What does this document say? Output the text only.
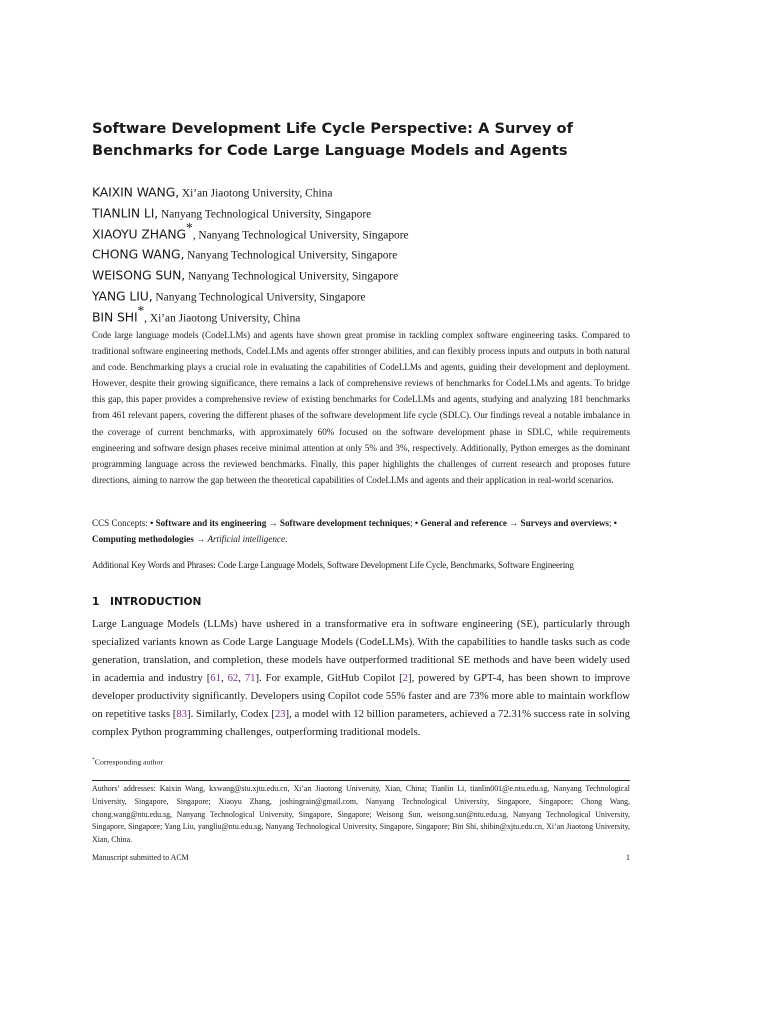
Software Development Life Cycle Perspective: A Survey of Benchmarks for Code Large Language Models and Agents
KAIXIN WANG, Xi’an Jiaotong University, China
TIANLIN LI, Nanyang Technological University, Singapore
XIAOYU ZHANG*, Nanyang Technological University, Singapore
CHONG WANG, Nanyang Technological University, Singapore
WEISONG SUN, Nanyang Technological University, Singapore
YANG LIU, Nanyang Technological University, Singapore
BIN SHI*, Xi’an Jiaotong University, China

Code large language models (CodeLLMs) and agents have shown great promise in tackling complex software engineering tasks. Compared to traditional software engineering methods, CodeLLMs and agents offer stronger abilities, and can flexibly process inputs and outputs in both natural and code. Benchmarking plays a crucial role in evaluating the capabilities of CodeLLMs and agents, guiding their development and deployment. However, despite their growing significance, there remains a lack of comprehensive reviews of benchmarks for CodeLLMs and agents. To bridge this gap, this paper provides a comprehensive review of existing benchmarks for CodeLLMs and agents, studying and analyzing 181 benchmarks from 461 relevant papers, covering the different phases of the software development life cycle (SDLC). Our findings reveal a notable imbalance in the coverage of current benchmarks, with approximately 60% focused on the software development phase in SDLC, while requirements engineering and software design phases receive minimal attention at only 5% and 3%, respectively. Additionally, Python emerges as the dominant programming language across the reviewed benchmarks. Finally, this paper highlights the challenges of current research and proposes future directions, aiming to narrow the gap between the theoretical capabilities of CodeLLMs and agents and their application in real-world scenarios.

CCS Concepts: • Software and its engineering → Software development techniques; • General and reference → Surveys and overviews; • Computing methodologies → Artificial intelligence.

Additional Key Words and Phrases: Code Large Language Models, Software Development Life Cycle, Benchmarks, Software Engineering

1 INTRODUCTION

Large Language Models (LLMs) have ushered in a transformative era in software engineering (SE), particularly through specialized variants known as Code Large Language Models (CodeLLMs). With the capabilities to handle tasks such as code generation, translation, and completion, these models have outperformed traditional SE methods and have been widely used in academia and industry [61, 62, 71]. For example, GitHub Copilot [2], powered by GPT-4, has been shown to improve developer productivity significantly. Developers using Copilot code 55% faster and are 73% more able to maintain workflow on repetitive tasks [83]. Similarly, Codex [23], a model with 12 billion parameters, achieved a 72.31% success rate in solving complex Python programming challenges, outperforming traditional models.

*Corresponding author

Authors’ addresses: Kaixin Wang, kxwang@stu.xjtu.edu.cn, Xi’an Jiaotong University, Xian, China; Tianlin Li, tianlin001@e.ntu.edu.sg, Nanyang Technological University, Singapore, Singapore; Xiaoyu Zhang, joshingrain@gmail.com, Nanyang Technological University, Singapore, Singapore; Chong Wang, chong.wang@ntu.edu.sg, Nanyang Technological University, Singapore, Singapore; Weisong Sun, weisong.sun@ntu.edu.sg, Nanyang Technological University, Singapore, Singapore; Yang Liu, yangliu@ntu.edu.sg, Nanyang Technological University, Singapore, Singapore; Bin Shi, shibin@xjtu.edu.cn, Xi’an Jiaotong University, Xian, China.

Manuscript submitted to ACM	1
